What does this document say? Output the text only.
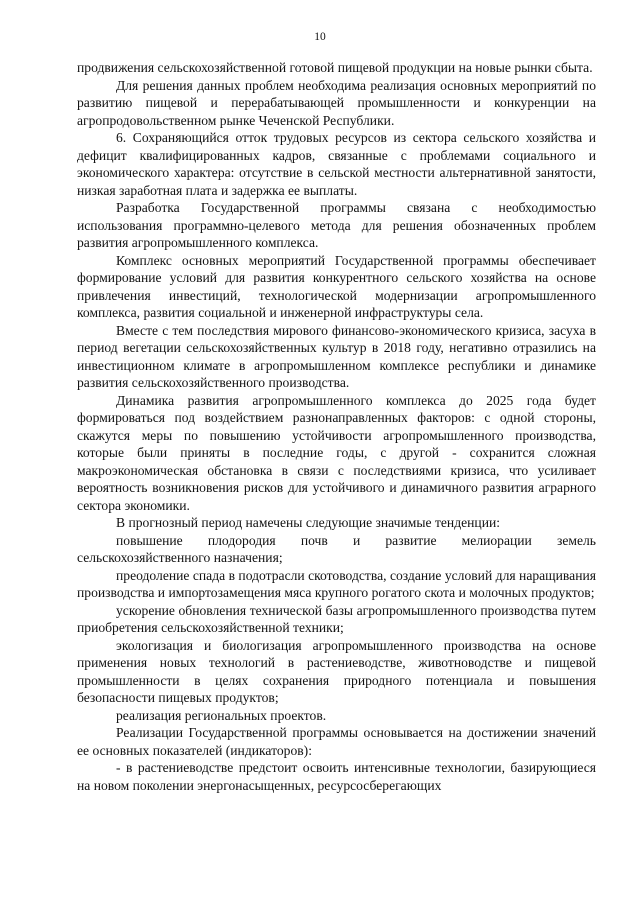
10

продвижения сельскохозяйственной готовой пищевой продукции на новые рынки сбыта.

Для решения данных проблем необходима реализация основных мероприятий по развитию пищевой и перерабатывающей промышленности и конкуренции на агропродовольственном рынке Чеченской Республики.

6. Сохраняющийся отток трудовых ресурсов из сектора сельского хозяйства и дефицит квалифицированных кадров, связанные с проблемами социального и экономического характера: отсутствие в сельской местности альтернативной занятости, низкая заработная плата и задержка ее выплаты.

Разработка Государственной программы связана с необходимостью использования программно-целевого метода для решения обозначенных проблем развития агропромышленного комплекса.

Комплекс основных мероприятий Государственной программы обеспечивает формирование условий для развития конкурентного сельского хозяйства на основе привлечения инвестиций, технологической модернизации агропромышленного комплекса, развития социальной и инженерной инфраструктуры села.

Вместе с тем последствия мирового финансово-экономического кризиса, засуха в период вегетации сельскохозяйственных культур в 2018 году, негативно отразились на инвестиционном климате в агропромышленном комплексе республики и динамике развития сельскохозяйственного производства.

Динамика развития агропромышленного комплекса до 2025 года будет формироваться под воздействием разнонаправленных факторов: с одной стороны, скажутся меры по повышению устойчивости агропромышленного производства, которые были приняты в последние годы, с другой - сохранится сложная макроэкономическая обстановка в связи с последствиями кризиса, что усиливает вероятность возникновения рисков для устойчивого и динамичного развития аграрного сектора экономики.

В прогнозный период намечены следующие значимые тенденции:

повышение плодородия почв и развитие мелиорации земель сельскохозяйственного назначения;

преодоление спада в подотрасли скотоводства, создание условий для наращивания производства и импортозамещения мяса крупного рогатого скота и молочных продуктов;

ускорение обновления технической базы агропромышленного производства путем приобретения сельскохозяйственной техники;

экологизация и биологизация агропромышленного производства на основе применения новых технологий в растениеводстве, животноводстве и пищевой промышленности в целях сохранения природного потенциала и повышения безопасности пищевых продуктов;

реализация региональных проектов.

Реализации Государственной программы основывается на достижении значений ее основных показателей (индикаторов):

- в растениеводстве предстоит освоить интенсивные технологии, базирующиеся на новом поколении энергонасыщенных, ресурсосберегающих
